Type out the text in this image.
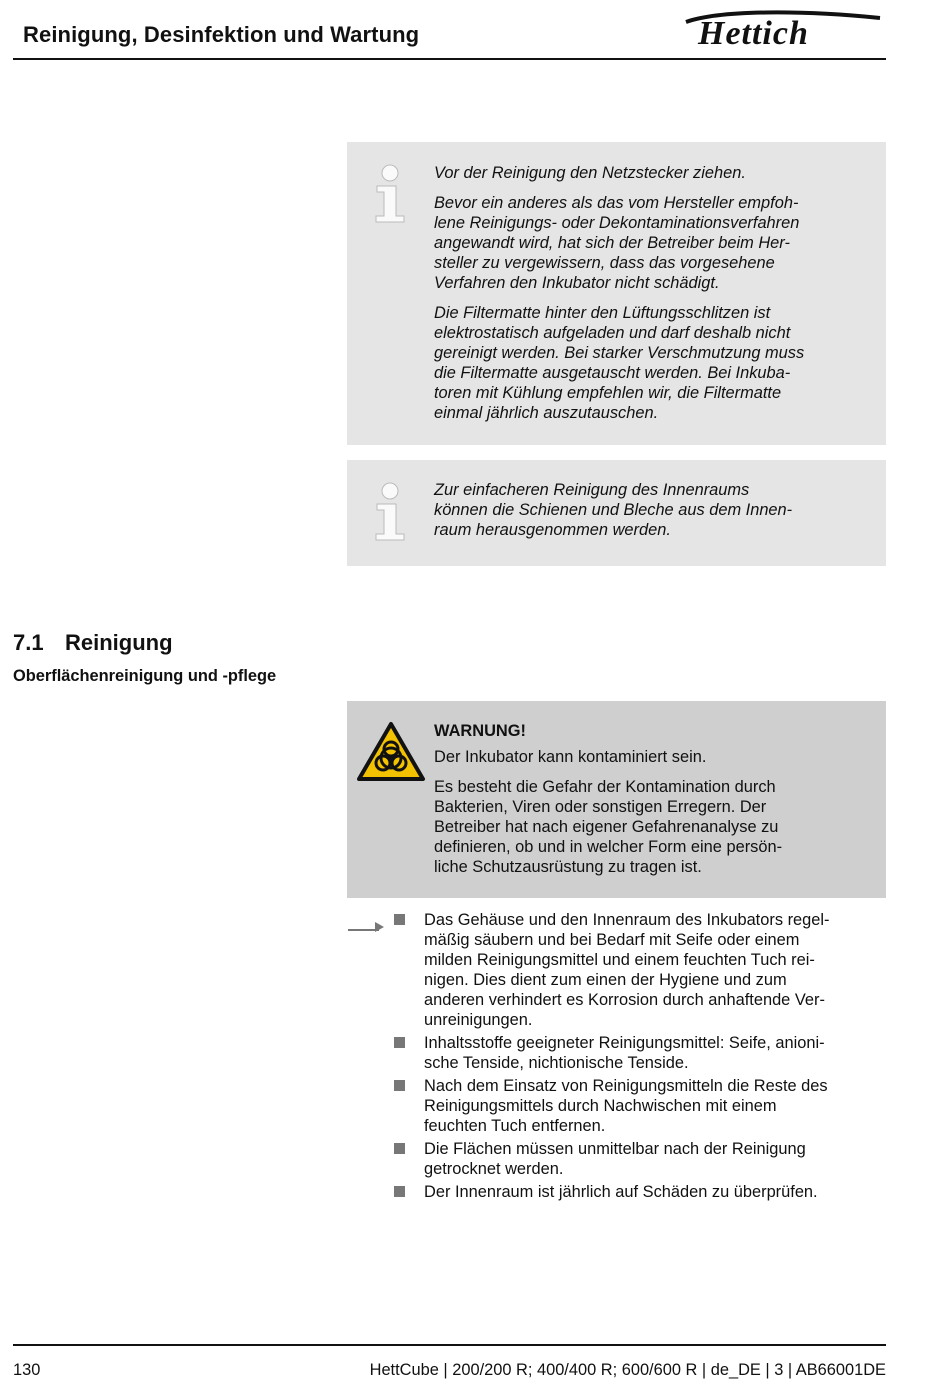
Reinigung, Desinfektion und Wartung	Hettich

Vor der Reinigung den Netzstecker ziehen.

Bevor ein anderes als das vom Hersteller empfoh-
lene Reinigungs- oder Dekontaminationsverfahren
angewandt wird, hat sich der Betreiber beim Her-
steller zu vergewissern, dass das vorgesehene
Verfahren den Inkubator nicht schädigt.

Die Filtermatte hinter den Lüftungsschlitzen ist
elektrostatisch aufgeladen und darf deshalb nicht
gereinigt werden. Bei starker Verschmutzung muss
die Filtermatte ausgetauscht werden. Bei Inkuba-
toren mit Kühlung empfehlen wir, die Filtermatte
einmal jährlich auszutauschen.

Zur einfacheren Reinigung des Innenraums
können die Schienen und Bleche aus dem Innen-
raum herausgenommen werden.

7.1 Reinigung
Oberflächenreinigung und -pflege

WARNUNG!

Der Inkubator kann kontaminiert sein.

Es besteht die Gefahr der Kontamination durch
Bakterien, Viren oder sonstigen Erregern. Der
Betreiber hat nach eigener Gefahrenanalyse zu
definieren, ob und in welcher Form eine persön-
liche Schutzausrüstung zu tragen ist.

Das Gehäuse und den Innenraum des Inkubators regel-
mäßig säubern und bei Bedarf mit Seife oder einem
milden Reinigungsmittel und einem feuchten Tuch rei-
nigen. Dies dient zum einen der Hygiene und zum
anderen verhindert es Korrosion durch anhaftende Ver-
unreinigungen.
Inhaltsstoffe geeigneter Reinigungsmittel: Seife, anioni-
sche Tenside, nichtionische Tenside.
Nach dem Einsatz von Reinigungsmitteln die Reste des
Reinigungsmittels durch Nachwischen mit einem
feuchten Tuch entfernen.
Die Flächen müssen unmittelbar nach der Reinigung
getrocknet werden.
Der Innenraum ist jährlich auf Schäden zu überprüfen.
130	HettCube | 200/200 R; 400/400 R; 600/600 R | de_DE | 3 | AB66001DE
